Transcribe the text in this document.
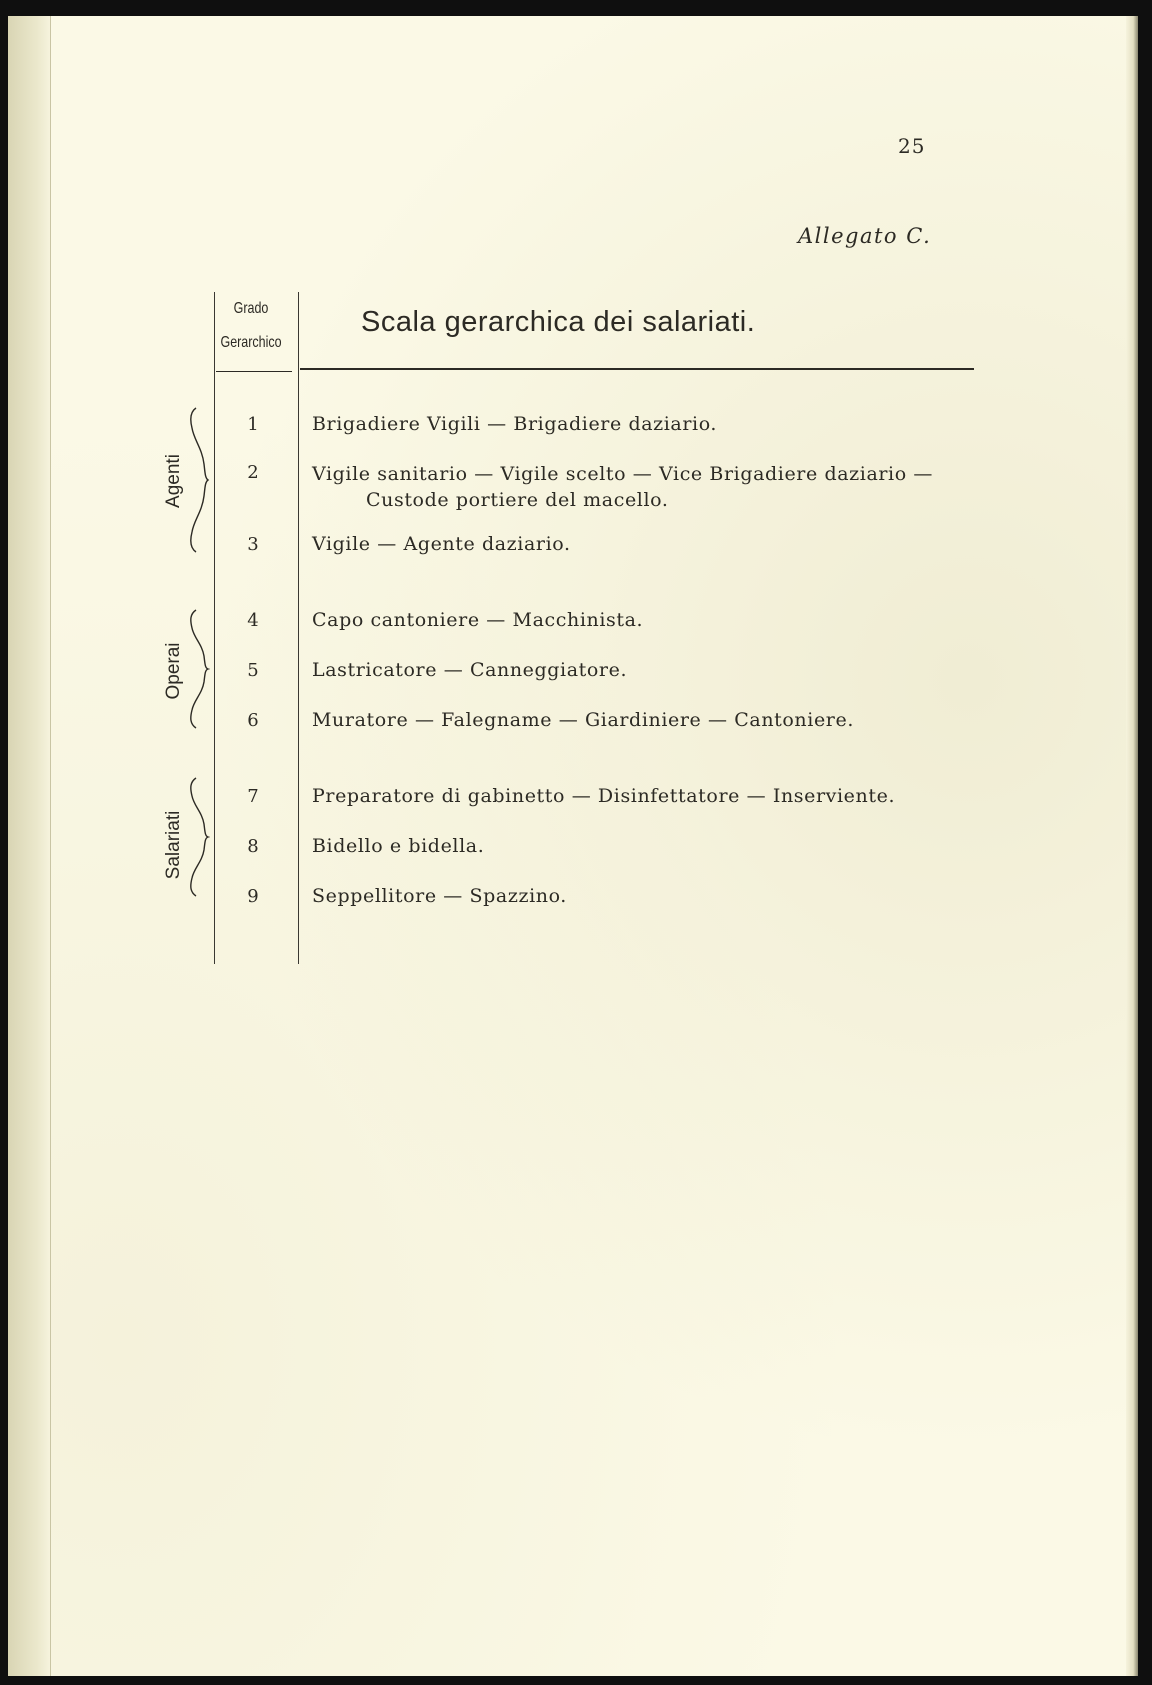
25
Allegato C.
Grado
Gerarchico
Scala gerarchica dei salariati.
Agenti
Operai
Salariati
1
2
3
4
5
6
7
8
9
Brigadiere Vigili — Brigadiere daziario.
Vigile sanitario — Vigile scelto — Vice Brigadiere daziario —
Custode portiere del macello.
Vigile — Agente daziario.
Capo cantoniere — Macchinista.
Lastricatore — Canneggiatore.
Muratore — Falegname — Giardiniere — Cantoniere.
Preparatore di gabinetto — Disinfettatore — Inserviente.
Bidello e bidella.
Seppellitore — Spazzino.
